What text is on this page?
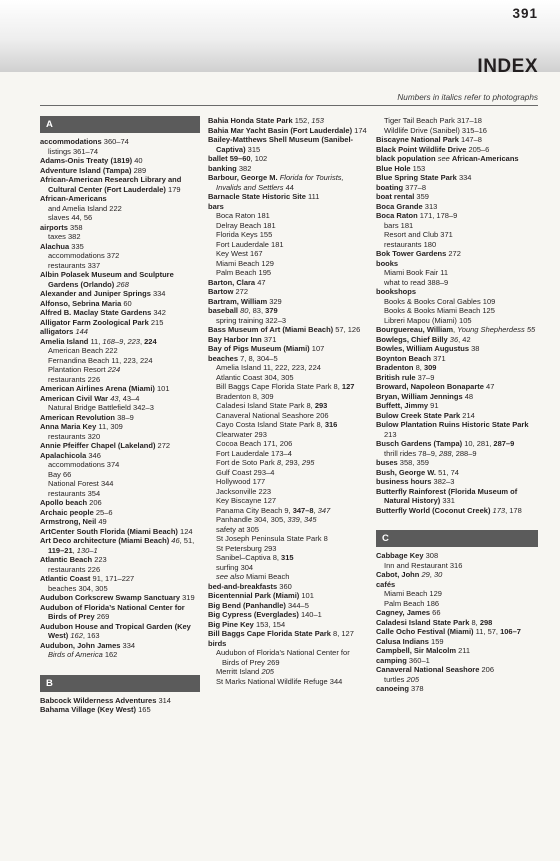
391
INDEX
Numbers in italics refer to photographs
A
accommodations 360–74
listings 361–74
Adams-Onis Treaty (1819) 40
Adventure Island (Tampa) 289
African-American Research Library and Cultural Center (Fort Lauderdale) 179
African-Americans
and Amelia Island 222
slaves 44, 56
airports 358
taxes 382
Alachua 335
accommodations 372
restaurants 337
Albin Polasek Museum and Sculpture Gardens (Orlando) 268
Alexander and Juniper Springs 334
Alfonso, Sebrina Maria 60
Alfred B. Maclay State Gardens 342
Alligator Farm Zoological Park 215
alligators 144
Amelia Island 11, 168–9, 223, 224
American Beach 222
Fernandina Beach 11, 223, 224
Plantation Resort 224
restaurants 226
American Airlines Arena (Miami) 101
American Civil War 43, 43–4
Natural Bridge Battlefield 342–3
American Revolution 38–9
Anna Maria Key 11, 309
restaurants 320
Annie Pfeiffer Chapel (Lakeland) 272
Apalachicola 346
accommodations 374
Bay 66
National Forest 344
restaurants 354
Apollo beach 206
Archaic people 25–6
Armstrong, Neil 49
ArtCenter South Florida (Miami Beach) 124
Art Deco architecture (Miami Beach) 46, 51, 119–21, 130–1
Atlantic Beach 223
restaurants 226
Atlantic Coast 91, 171–227
beaches 304, 305
Audubon Corkscrew Swamp Sanctuary 319
Audubon of Florida’s National Center for Birds of Prey 269
Audubon House and Tropical Garden (Key West) 162, 163
Audubon, John James 334
Birds of America 162
B
Babcock Wilderness Adventures 314
Bahama Village (Key West) 165
Bahia Honda State Park 152, 153
Bahia Mar Yacht Basin (Fort Lauderdale) 174
Bailey-Matthews Shell Museum (Sanibel-Captiva) 315
ballet 59–60, 102
banking 382
Barbour, George M. Florida for Tourists, Invalids and Settlers 44
Barnacle State Historic Site 111
bars
Boca Raton 181
Delray Beach 181
Florida Keys 155
Fort Lauderdale 181
Key West 167
Miami Beach 129
Palm Beach 195
Barton, Clara 47
Bartow 272
Bartram, William 329
baseball 80, 83, 379
spring training 322–3
Bass Museum of Art (Miami Beach) 57, 126
Bay Harbor Inn 371
Bay of Pigs Museum (Miami) 107
beaches 7, 8, 304–5
Amelia Island 11, 222, 223, 224
Atlantic Coast 304, 305
Bill Baggs Cape Florida State Park 8, 127
Bradenton 8, 309
Caladesi Island State Park 8, 293
Canaveral National Seashore 206
Cayo Costa Island State Park 8, 316
Clearwater 293
Cocoa Beach 171, 206
Fort Lauderdale 173–4
Fort de Soto Park 8, 293, 295
Gulf Coast 293–4
Hollywood 177
Jacksonville 223
Key Biscayne 127
Panama City Beach 9, 347–8, 347
Panhandle 304, 305, 339, 345
safety at 305
St Joseph Peninsula State Park 8
St Petersburg 293
Sanibel–Captiva 8, 315
surfing 304
see also Miami Beach
bed-and-breakfasts 360
Bicentennial Park (Miami) 101
Big Bend (Panhandle) 344–5
Big Cypress (Everglades) 140–1
Big Pine Key 153, 154
Bill Baggs Cape Florida State Park 8, 127
birds
Audubon of Florida’s National Center for Birds of Prey 269
Merritt Island 205
St Marks National Wildlife Refuge 344
Tiger Tail Beach Park 317–18
Wildlife Drive (Sanibel) 315–16
Biscayne National Park 147–8
Black Point Wildlife Drive 205–6
black population see African-Americans
Blue Hole 153
Blue Spring State Park 334
boating 377–8
boat rental 359
Boca Grande 313
Boca Raton 171, 178–9
bars 181
Resort and Club 371
restaurants 180
Bok Tower Gardens 272
books
Miami Book Fair 11
what to read 388–9
bookshops
Books & Books Coral Gables 109
Books & Books Miami Beach 125
Libreri Mapou (Miami) 105
Bourguereau, William, Young Shepherdess 55
Bowlegs, Chief Billy 36, 42
Bowles, William Augustus 38
Boynton Beach 371
Bradenton 8, 309
British rule 37–9
Broward, Napoleon Bonaparte 47
Bryan, William Jennings 48
Buffett, Jimmy 91
Bulow Creek State Park 214
Bulow Plantation Ruins Historic State Park 213
Busch Gardens (Tampa) 10, 281, 287–9
thrill rides 78–9, 288, 288–9
buses 358, 359
Bush, George W. 51, 74
business hours 382–3
Butterfly Rainforest (Florida Museum of Natural History) 331
Butterfly World (Coconut Creek) 173, 178
C
Cabbage Key 308
Inn and Restaurant 316
Cabot, John 29, 30
cafés
Miami Beach 129
Palm Beach 186
Cagney, James 66
Caladesi Island State Park 8, 298
Calle Ocho Festival (Miami) 11, 57, 106–7
Calusa Indians 159
Campbell, Sir Malcolm 211
camping 360–1
Canaveral National Seashore 206
turtles 205
canoeing 378
